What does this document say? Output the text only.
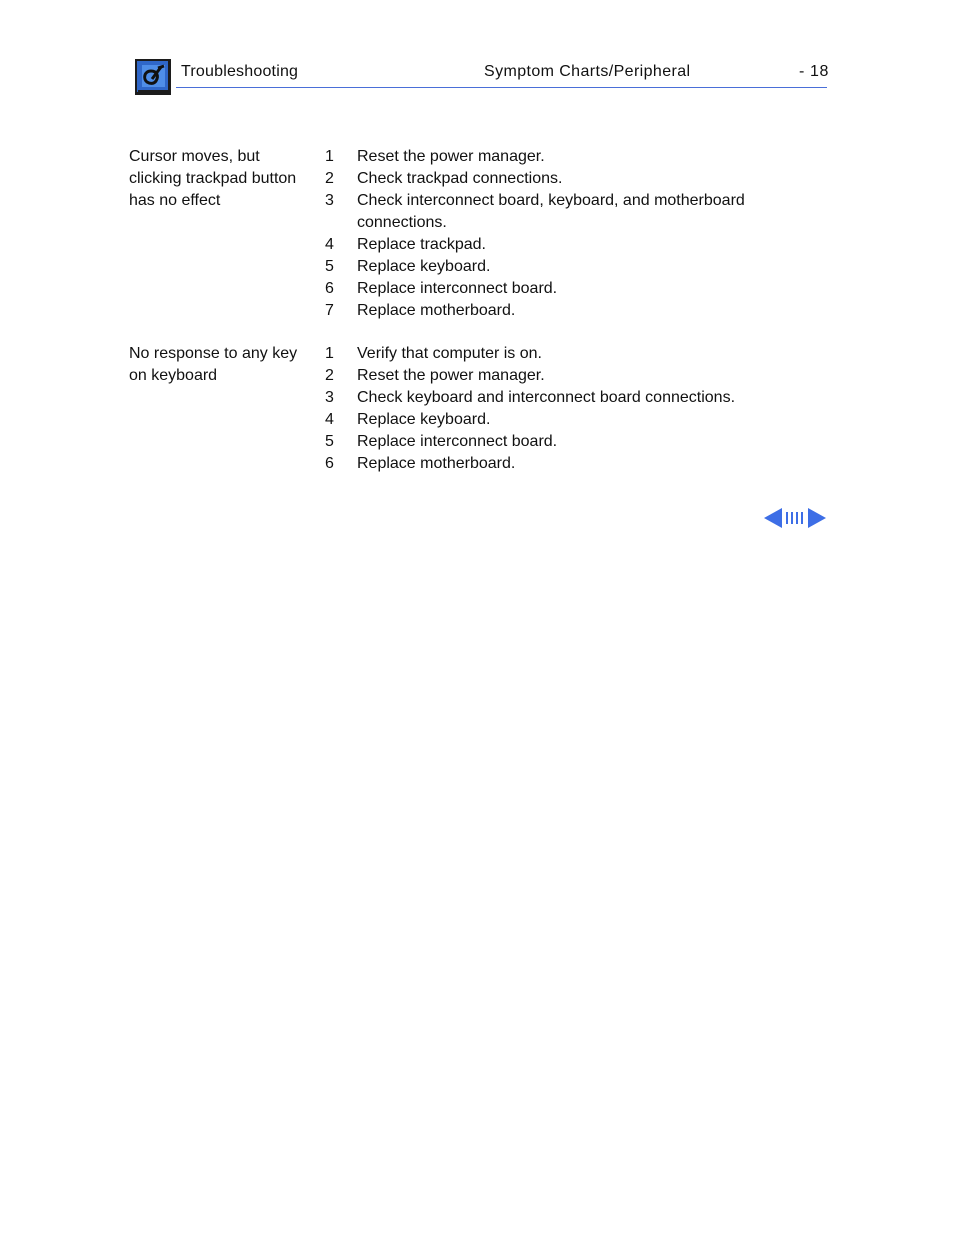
Troubleshooting	Symptom Charts/Peripheral	- 18
Cursor moves, but clicking trackpad button has no effect
1	Reset the power manager.
2	Check trackpad connections.
3	Check interconnect board, keyboard, and motherboard connections.
4	Replace trackpad.
5	Replace keyboard.
6	Replace interconnect board.
7	Replace motherboard.
No response to any key on keyboard
1	Verify that computer is on.
2	Reset the power manager.
3	Check keyboard and interconnect board connections.
4	Replace keyboard.
5	Replace interconnect board.
6	Replace motherboard.
